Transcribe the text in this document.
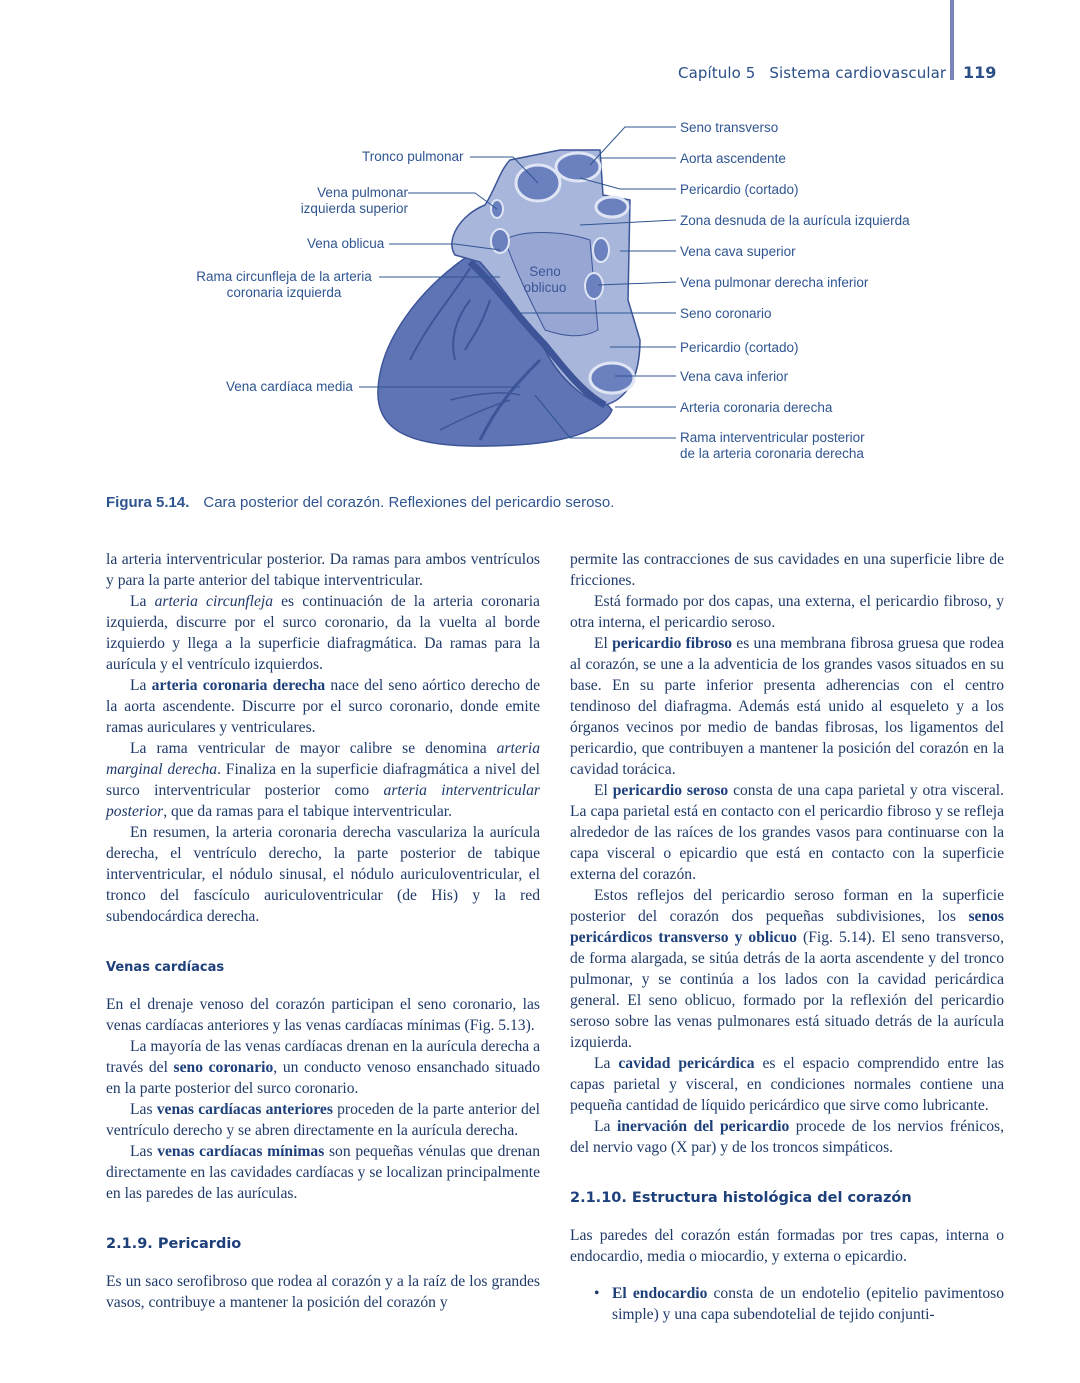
Capítulo 5 Sistema cardiovascular 119
Tronco pulmonar
Vena pulmonar
izquierda superior
Vena oblicua
Rama circunfleja de la arteria
coronaria izquierda
Vena cardíaca media
Seno
oblicuo
Seno transverso
Aorta ascendente
Pericardio (cortado)
Zona desnuda de la aurícula izquierda
Vena cava superior
Vena pulmonar derecha inferior
Seno coronario
Pericardio (cortado)
Vena cava inferior
Arteria coronaria derecha
Rama interventricular posterior
de la arteria coronaria derecha
Figura 5.14. Cara posterior del corazón. Reflexiones del pericardio seroso.

la arteria interventricular posterior. Da ramas para ambos ventrículos y para la parte anterior del tabique interventricular.

La arteria circunfleja es continuación de la arteria coronaria izquierda, discurre por el surco coronario, da la vuelta al borde izquierdo y llega a la superficie diafragmática. Da ramas para la aurícula y el ventrículo izquierdos.

La arteria coronaria derecha nace del seno aórtico derecho de la aorta ascendente. Discurre por el surco coronario, donde emite ramas auriculares y ventriculares.

La rama ventricular de mayor calibre se denomina arteria marginal derecha. Finaliza en la superficie diafragmática a nivel del surco interventricular posterior como arteria interventricular posterior, que da ramas para el tabique interventricular.

En resumen, la arteria coronaria derecha vasculariza la aurícula derecha, el ventrículo derecho, la parte posterior de tabique interventricular, el nódulo sinusal, el nódulo auriculoventricular, el tronco del fascículo auriculoventricular (de His) y la red subendocárdica derecha.

Venas cardíacas

En el drenaje venoso del corazón participan el seno coronario, las venas cardíacas anteriores y las venas cardíacas mínimas (Fig. 5.13).

La mayoría de las venas cardíacas drenan en la aurícula derecha a través del seno coronario, un conducto venoso ensanchado situado en la parte posterior del surco coronario.

Las venas cardíacas anteriores proceden de la parte anterior del ventrículo derecho y se abren directamente en la aurícula derecha.

Las venas cardíacas mínimas son pequeñas vénulas que drenan directamente en las cavidades cardíacas y se localizan principalmente en las paredes de las aurículas.

2.1.9. Pericardio

Es un saco serofibroso que rodea al corazón y a la raíz de los grandes vasos, contribuye a mantener la posición del corazón y

permite las contracciones de sus cavidades en una superficie libre de fricciones.

Está formado por dos capas, una externa, el pericardio fibroso, y otra interna, el pericardio seroso.

El pericardio fibroso es una membrana fibrosa gruesa que rodea al corazón, se une a la adventicia de los grandes vasos situados en su base. En su parte inferior presenta adherencias con el centro tendinoso del diafragma. Además está unido al esqueleto y a los órganos vecinos por medio de bandas fibrosas, los ligamentos del pericardio, que contribuyen a mantener la posición del corazón en la cavidad torácica.

El pericardio seroso consta de una capa parietal y otra visceral. La capa parietal está en contacto con el pericardio fibroso y se refleja alrededor de las raíces de los grandes vasos para continuarse con la capa visceral o epicardio que está en contacto con la superficie externa del corazón.

Estos reflejos del pericardio seroso forman en la superficie posterior del corazón dos pequeñas subdivisiones, los senos pericárdicos transverso y oblicuo (Fig. 5.14). El seno transverso, de forma alargada, se sitúa detrás de la aorta ascendente y del tronco pulmonar, y se continúa a los lados con la cavidad pericárdica general. El seno oblicuo, formado por la reflexión del pericardio seroso sobre las venas pulmonares está situado detrás de la aurícula izquierda.

La cavidad pericárdica es el espacio comprendido entre las capas parietal y visceral, en condiciones normales contiene una pequeña cantidad de líquido pericárdico que sirve como lubricante.

La inervación del pericardio procede de los nervios frénicos, del nervio vago (X par) y de los troncos simpáticos.

2.1.10. Estructura histológica del corazón

Las paredes del corazón están formadas por tres capas, interna o endocardio, media o miocardio, y externa o epicardio.

• El endocardio consta de un endotelio (epitelio pavimentoso simple) y una capa subendotelial de tejido conjunti-
